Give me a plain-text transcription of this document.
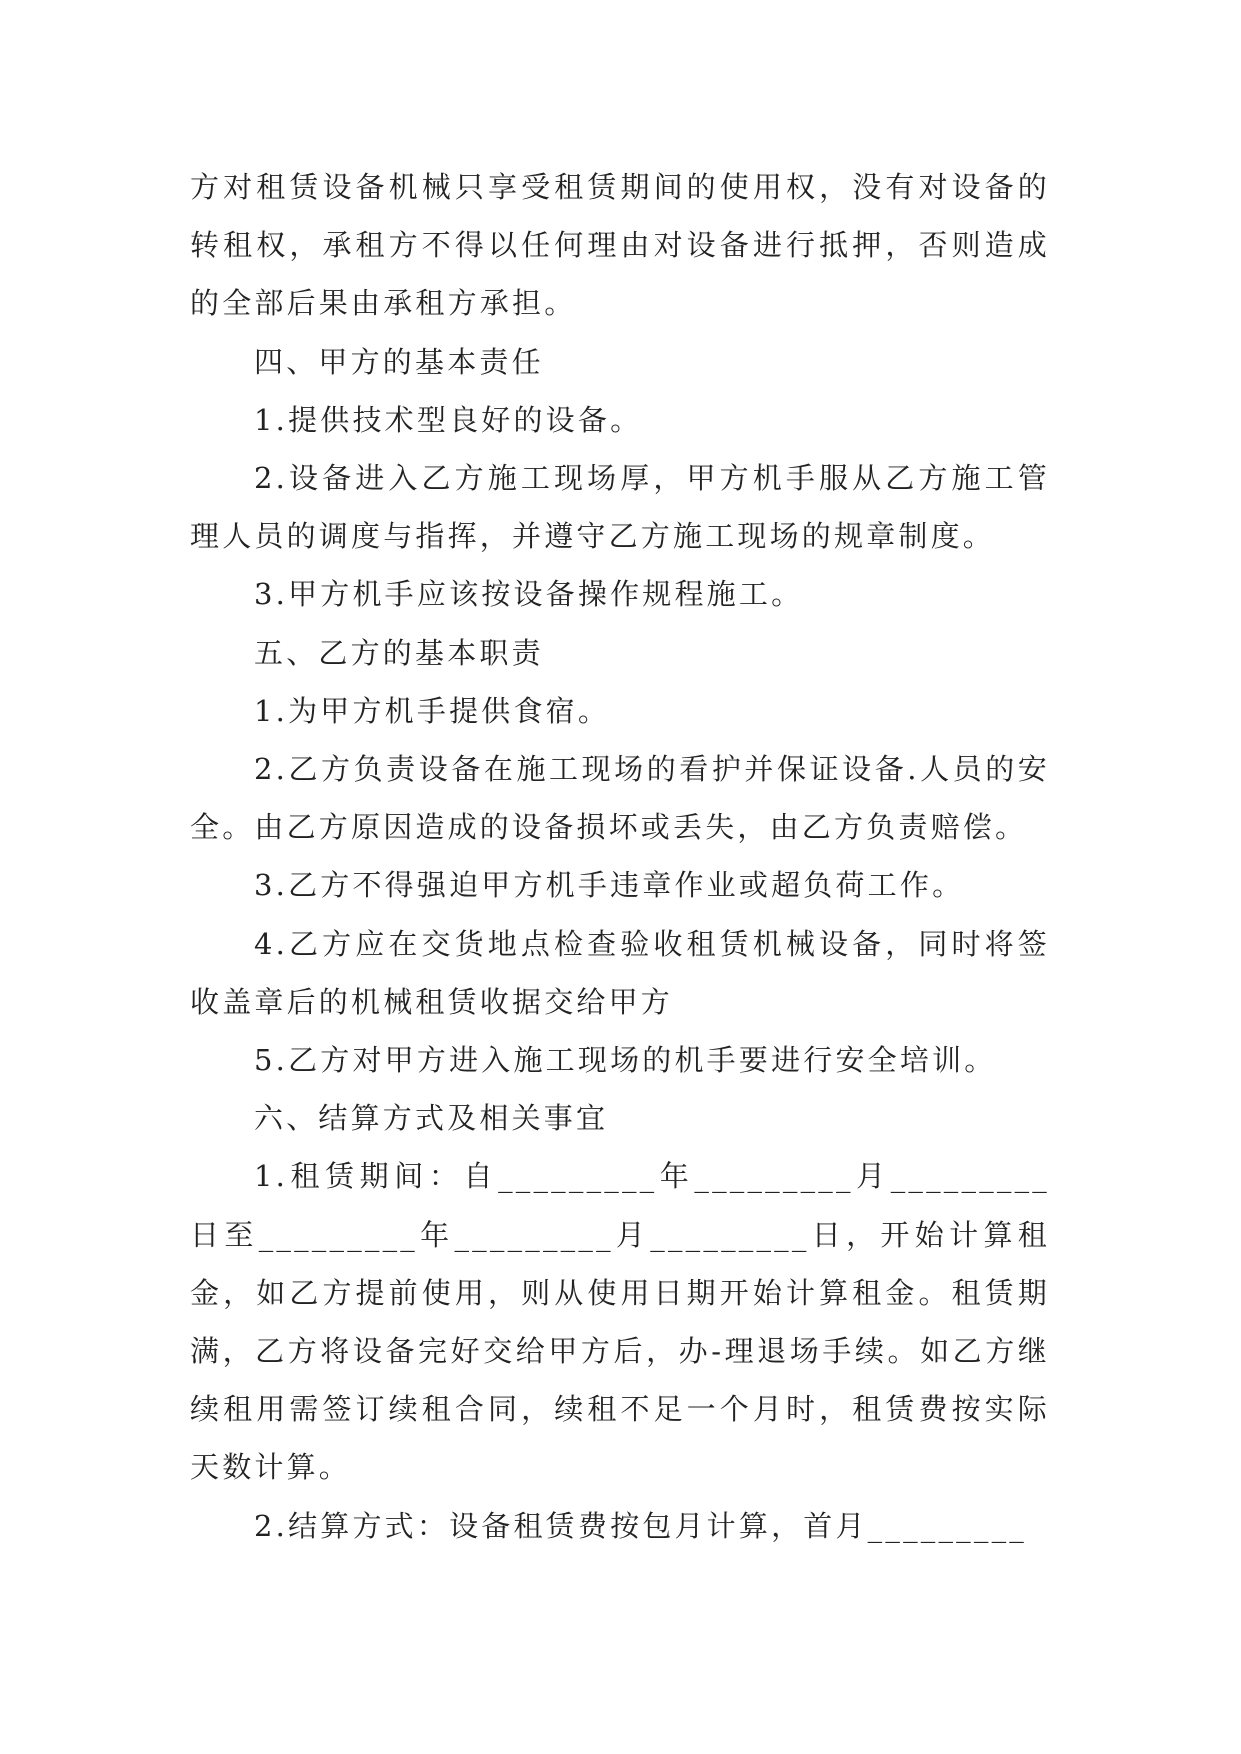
方对租赁设备机械只享受租赁期间的使用权，没有对设备的转租权，承租方不得以任何理由对设备进行抵押，否则造成的全部后果由承租方承担。

四、甲方的基本责任

1.提供技术型良好的设备。

2.设备进入乙方施工现场厚，甲方机手服从乙方施工管理人员的调度与指挥，并遵守乙方施工现场的规章制度。

3.甲方机手应该按设备操作规程施工。

五、乙方的基本职责

1.为甲方机手提供食宿。

2.乙方负责设备在施工现场的看护并保证设备.人员的安全。由乙方原因造成的设备损坏或丢失，由乙方负责赔偿。

3.乙方不得强迫甲方机手违章作业或超负荷工作。

4.乙方应在交货地点检查验收租赁机械设备，同时将签收盖章后的机械租赁收据交给甲方

5.乙方对甲方进入施工现场的机手要进行安全培训。

六、结算方式及相关事宜

1.租赁期间：自_________年_________月_________日至_________年_________月_________日，开始计算租金，如乙方提前使用，则从使用日期开始计算租金。租赁期满，乙方将设备完好交给甲方后，办-理退场手续。如乙方继续租用需签订续租合同，续租不足一个月时，租赁费按实际天数计算。

2.结算方式：设备租赁费按包月计算，首月_________
